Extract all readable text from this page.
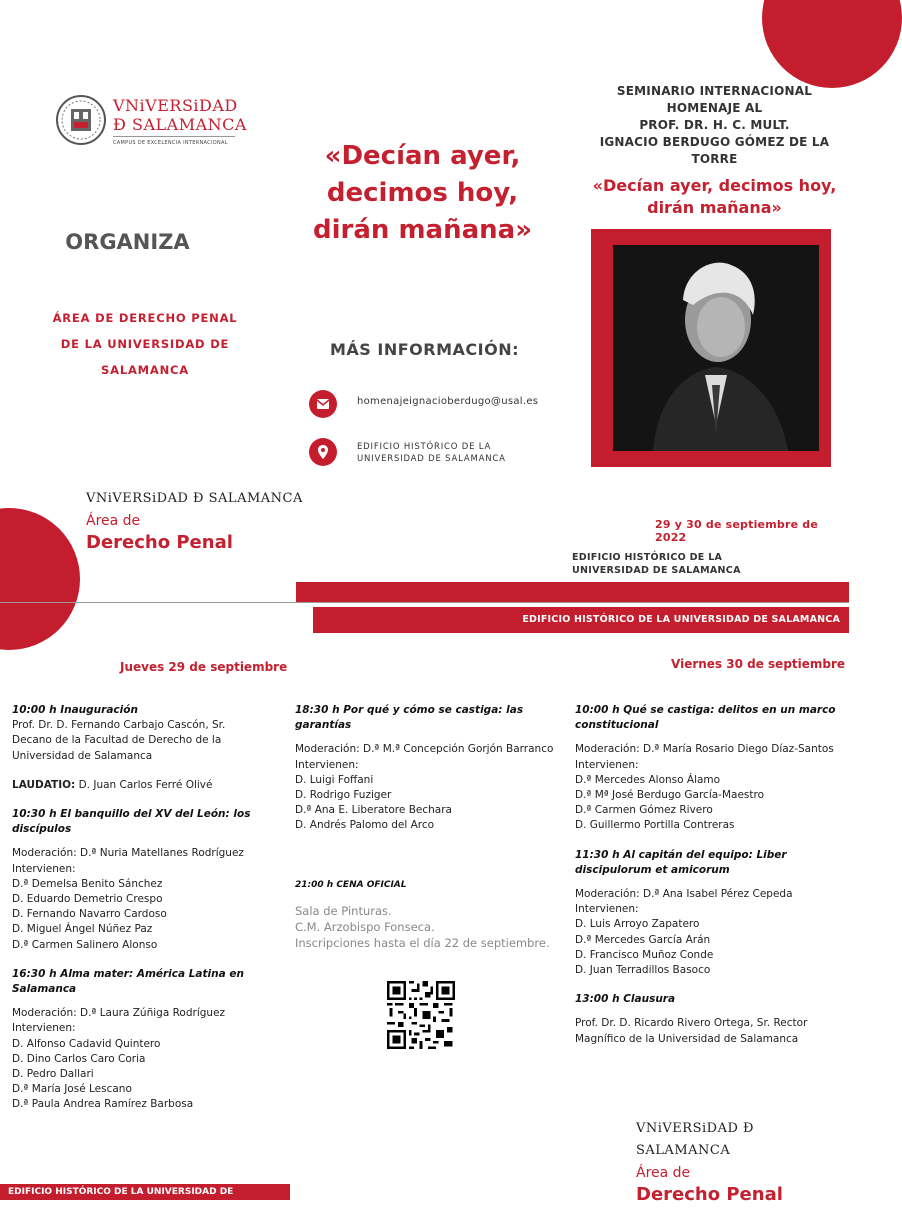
VNiVERSiDAD
Ð SALAMANCA
CAMPUS DE EXCELENCIA INTERNACIONAL
ORGANIZA
ÁREA DE DERECHO PENAL
DE LA UNIVERSIDAD DE
SALAMANCA
«Decían ayer,
decimos hoy,
dirán mañana»
MÁS INFORMACIÓN:
homenajeignacioberdugo@usal.es
EDIFICIO HISTÓRICO DE LA
UNIVERSIDAD DE SALAMANCA
SEMINARIO INTERNACIONAL
HOMENAJE AL
PROF. DR. H. C. MULT.
IGNACIO BERDUGO GÓMEZ DE LA
TORRE
«Decían ayer, decimos hoy,
dirán mañana»
VNiVERSiDAD Ð SALAMANCA
Área de
Derecho Penal
29 y 30 de septiembre de 2022
EDIFICIO HISTÓRICO DE LA
UNIVERSIDAD DE SALAMANCA
EDIFICIO HISTÓRICO DE LA UNIVERSIDAD DE SALAMANCA
Jueves 29 de septiembre	Viernes 30 de septiembre
10:00 h Inauguración
Prof. Dr. D. Fernando Carbajo Cascón, Sr.
Decano de la Facultad de Derecho de la
Universidad de Salamanca
LAUDATIO: D. Juan Carlos Ferré Olivé
10:30 h El banquillo del XV del León: los
discípulos
Moderación: D.ª Nuria Matellanes Rodríguez
Intervienen:
D.ª Demelsa Benito Sánchez
D. Eduardo Demetrio Crespo
D. Fernando Navarro Cardoso
D. Miguel Ángel Núñez Paz
D.ª Carmen Salinero Alonso
16:30 h Alma mater: América Latina en
Salamanca
Moderación: D.ª Laura Zúñiga Rodríguez
Intervienen:
D. Alfonso Cadavid Quintero
D. Dino Carlos Caro Coria
D. Pedro Dallari
D.ª María José Lescano
D.ª Paula Andrea Ramírez Barbosa
18:30 h Por qué y cómo se castiga: las garantías
Moderación: D.ª M.ª Concepción Gorjón Barranco
Intervienen:
D. Luigi Foffani
D. Rodrigo Fuziger
D.ª Ana E. Liberatore Bechara
D. Andrés Palomo del Arco
21:00 h CENA OFICIAL
Sala de Pinturas.
C.M. Arzobispo Fonseca.
Inscripciones hasta el día 22 de septiembre.
10:00 h Qué se castiga: delitos en un marco
constitucional
Moderación: D.ª María Rosario Diego Díaz-Santos
Intervienen:
D.ª Mercedes Alonso Álamo
D.ª Mª José Berdugo García-Maestro
D.ª Carmen Gómez Rivero
D. Guillermo Portilla Contreras
11:30 h Al capitán del equipo: Liber
discipulorum et amicorum
Moderación: D.ª Ana Isabel Pérez Cepeda
Intervienen:
D. Luis Arroyo Zapatero
D.ª Mercedes García Arán
D. Francisco Muñoz Conde
D. Juan Terradillos Basoco
13:00 h Clausura
Prof. Dr. D. Ricardo Rivero Ortega, Sr. Rector
Magnífico de la Universidad de Salamanca
VNiVERSiDAD Ð SALAMANCA
Área de
Derecho Penal
EDIFICIO HISTÓRICO DE LA UNIVERSIDAD DE SALAMANCA
